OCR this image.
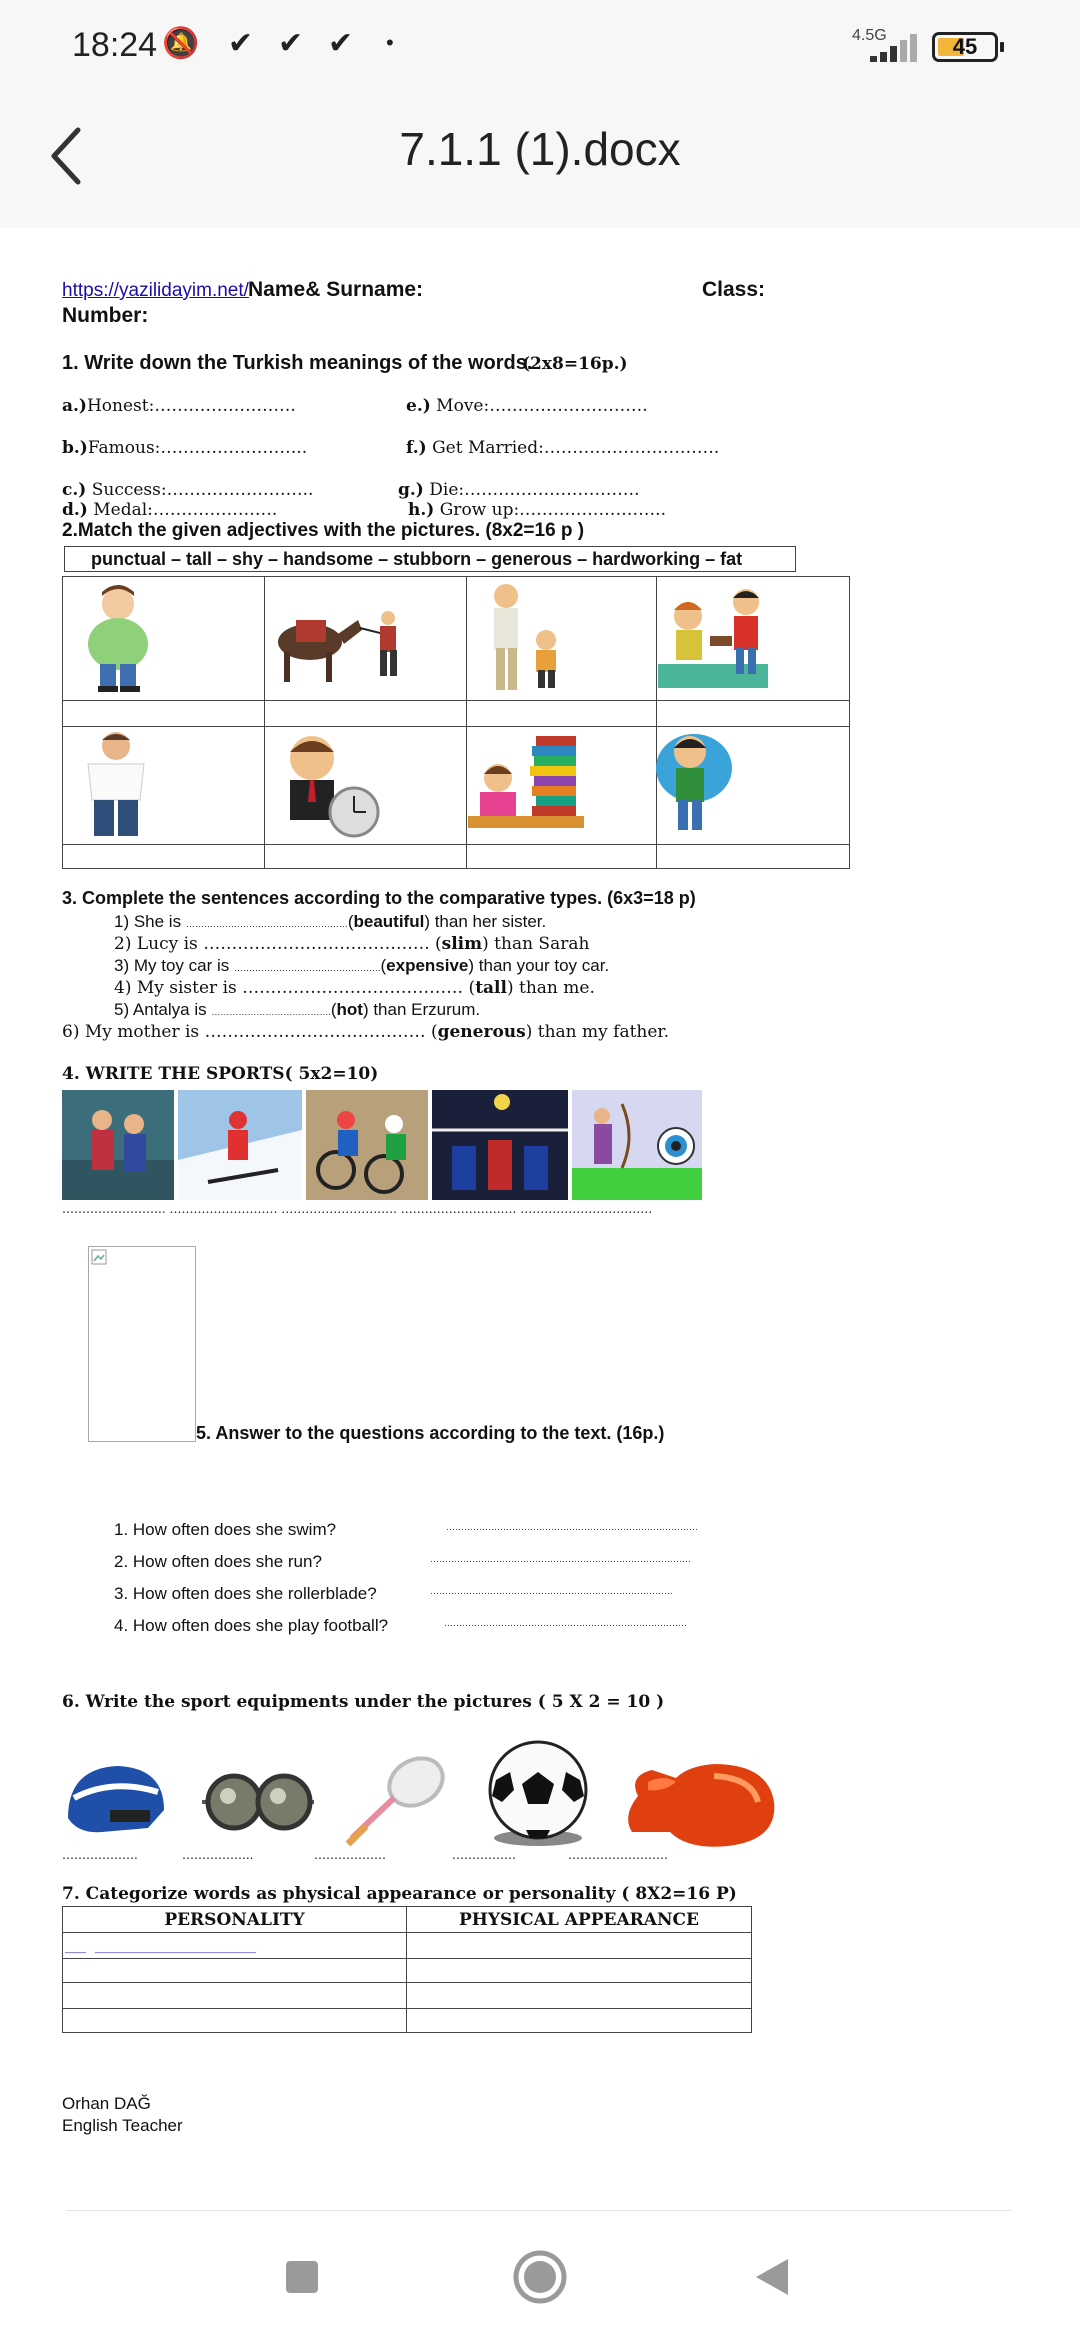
18:24 🔕 ✔ ✔ ✔ •	4.5G	45
7.1.1 (1).docx
https://yazilidayim.net/ Name& Surname:	Class:
Number:
1. Write down the Turkish meanings of the words.
(2x8=16p.)
a.)Honest:…………………….	e.) Move:……………………….
b.)Famous:……………………..	f.) Get Married:………………………….
c.) Success:……………………..	g.) Die:………………………….
d.) Medal:………………….	h.) Grow up:……………………..
2.Match the given adjectives with the pictures. (8x2=16 p )
punctual – tall – shy – handsome – stubborn – generous – hardworking – fat

3. Complete the sentences according to the comparative types. (6x3=18 p)
1) She is ………………………………………………(beautiful) than her sister.
2) Lucy is …………………………………. (slim) than Sarah
3) My toy car is ………………………………………….(expensive) than your toy car.
4) My sister is ………………………………… (tall) than me.
5) Antalya is ………………………………….(hot) than Erzurum.
6) My mother is ………………………………… (generous) than my father.
4. WRITE THE SPORTS( 5x2=10)
…………………….. ……………………… …………………….…. …………………….…. ……………………………
5. Answer to the questions according to the text. (16p.)
1. How often does she swim?	…………………………………………………………………………
2. How often does she run?	……………………………………………………………………………
3. How often does she rollerblade?	………………………………………………………………………
4. How often does she play football?	………………………………………………………………………
6. Write the sport equipments under the pictures ( 5 X 2 = 10 )
……………….	……………...	………………	…………….	…………………….
7. Categorize words as physical appearance or personality ( 8X2=16 P)
PERSONALITY	PHYSICAL APPEARANCE
___ _______________________	

Orhan DAĞ
English Teacher
